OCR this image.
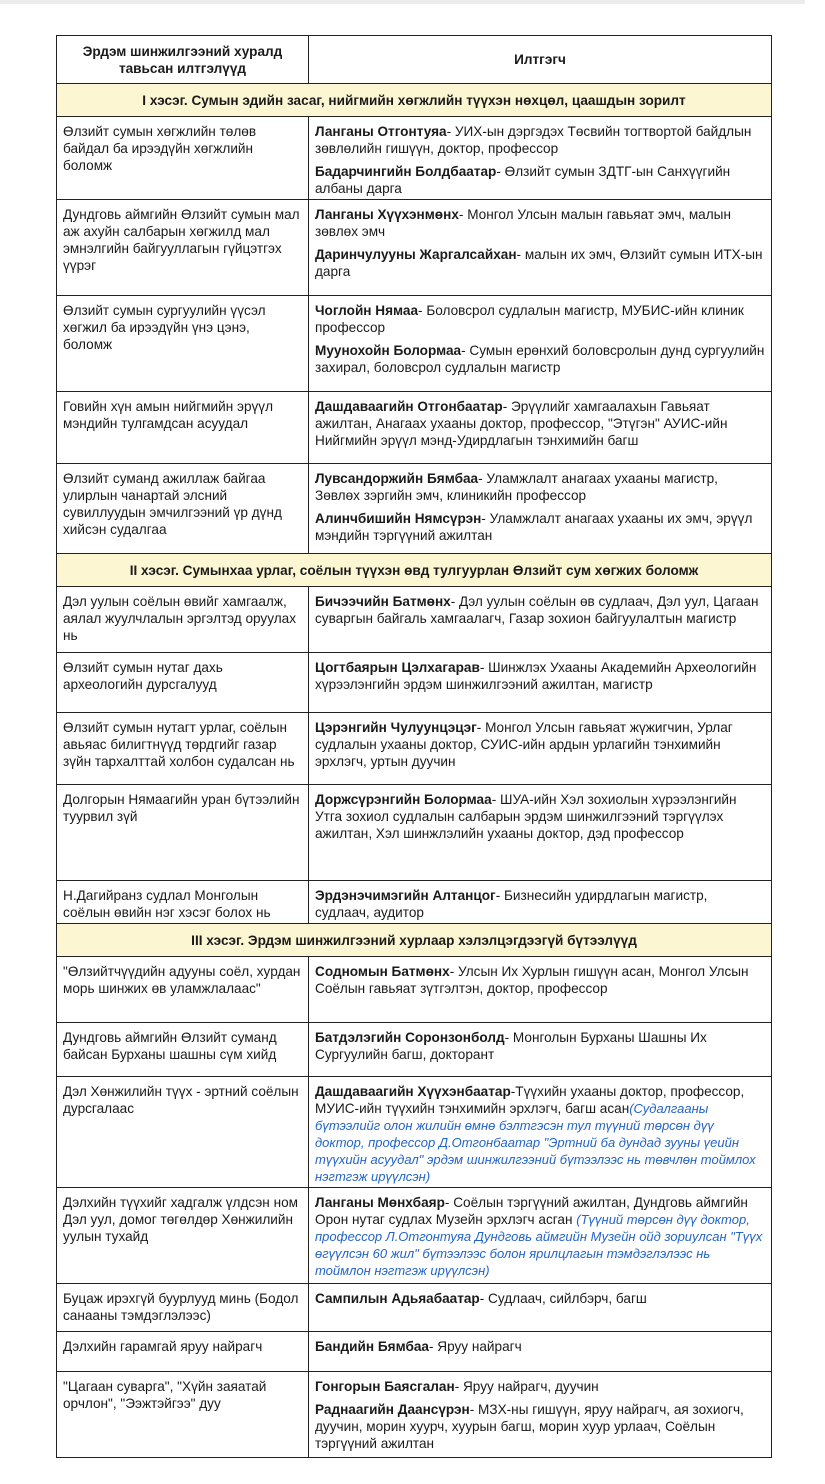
Эрдэм шинжилгээний хуралд тавьсан илтгэлүүд	Илтгэгч

I хэсэг. Сумын эдийн засаг, нийгмийн хөгжлийн түүхэн нөхцөл, цаашдын зорилт	

Өлзийт сумын хөгжлийн төлөв байдал ба ирээдүйн хөгжлийн боломж	Ланганы Отгонтуяа- УИХ-ын дэргэдэх Төсвийн тогтвортой байдлын зөвлөлийн гишүүн, доктор, профессор
Бадарчингийн Болдбаатар- Өлзийт сумын ЗДТГ-ын Санхүүгийн албаны дарга

Дундговь аймгийн Өлзийт сумын мал аж ахуйн салбарын хөгжилд мал эмнэлгийн байгууллагын гүйцэтгэх үүрэг	Ланганы Хүүхэнмөнх- Монгол Улсын малын гавьяат эмч, малын зөвлөх эмч
Даринчулууны Жаргалсайхан- малын их эмч, Өлзийт сумын ИТХ-ын дарга

Өлзийт сумын сургуулийн үүсэл хөгжил ба ирээдүйн үнэ цэнэ, боломж	Чоглойн Нямаа- Боловсрол судлалын магистр, МУБИС-ийн клиник профессор
Муунохойн Болормаа- Сумын ерөнхий боловсролын дунд сургуулийн захирал, боловсрол судлалын магистр

Говийн хүн амын нийгмийн эрүүл мэндийн тулгамдсан асуудал	Дашдаваагийн Отгонбаатар- Эрүүлийг хамгаалахын Гавьяат ажилтан, Анагаах ухааны доктор, профессор, "Этүгэн" АУИС-ийн Нийгмийн эрүүл мэнд-Удирдлагын тэнхимийн багш

Өлзийт суманд ажиллаж байгаа улирлын чанартай элсний сувиллуудын эмчилгээний үр дүнд хийсэн судалгаа	Лувсандоржийн Бямбаа- Уламжлалт анагаах ухааны магистр, Зөвлөх зэргийн эмч, клиникийн профессор
Алинчбишийн Нямсүрэн- Уламжлалт анагаах ухааны их эмч, эрүүл мэндийн тэргүүний ажилтан

II хэсэг. Сумынхаа урлаг, соёлын түүхэн өвд тулгуурлан Өлзийт сум хөгжих боломж	

Дэл уулын соёлын өвийг хамгаалж, аялал жуулчлалын эргэлтэд оруулах нь	Бичээчийн Батмөнх- Дэл уулын соёлын өв судлаач, Дэл уул, Цагаан суваргын байгаль хамгаалагч, Газар зохион байгуулалтын магистр

Өлзийт сумын нутаг дахь археологийн дурсгалууд	Цогтбаярын Цэлхагарав- Шинжлэх Ухааны Академийн Археологийн хүрээлэнгийн эрдэм шинжилгээний ажилтан, магистр

Өлзийт сумын нутагт урлаг, соёлын авьяас билигтнүүд төрдгийг газар зүйн тархалттай холбон судалсан нь	Цэрэнгийн Чулуунцэцэг- Монгол Улсын гавьяат жүжигчин, Урлаг судлалын ухааны доктор, СУИС-ийн ардын урлагийн тэнхимийн эрхлэгч, уртын дуучин

Долгорын Нямаагийн уран бүтээлийн туурвил зүй	Доржсүрэнгийн Болормаа- ШУА-ийн Хэл зохиолын хүрээлэнгийн Утга зохиол судлалын салбарын эрдэм шинжилгээний тэргүүлэх ажилтан, Хэл шинжлэлийн ухааны доктор, дэд профессор

Н.Дагийранз судлал Монголын соёлын өвийн нэг хэсэг болох нь	Эрдэнэчимэгийн Алтанцог- Бизнесийн удирдлагын магистр, судлаач, аудитор

III хэсэг. Эрдэм шинжилгээний хурлаар хэлэлцэгдээгүй бүтээлүүд	

"Өлзийтчүүдийн адууны соёл, хурдан морь шинжих өв уламжлалаас"	Содномын Батмөнх- Улсын Их Хурлын гишүүн асан, Монгол Улсын Соёлын гавьяат зүтгэлтэн, доктор, профессор

Дундговь аймгийн Өлзийт суманд байсан Бурханы шашны сүм хийд	Батдэлэгийн Соронзонболд- Монголын Бурханы Шашны Их Сургуулийн багш, докторант

Дэл Хөнжилийн түүх - эртний соёлын дурсгалаас	Дашдаваагийн Хүүхэнбаатар-Түүхийн ухааны доктор, профессор, МУИС-ийн түүхийн тэнхимийн эрхлэгч, багш асан(Судалгааны бүтээлийг олон жилийн өмнө бэлтгэсэн тул түүний төрсөн дүү доктор, профессор Д.Отгонбаатар "Эртний ба дундад зууны үеийн түүхийн асуудал" эрдэм шинжилгээний бүтээлээс нь төвчлөн тоймлох нэгтгэж ирүүлсэн)

Дэлхийн түүхийг хадгалж үлдсэн ном Дэл уул, домог төгөлдөр Хөнжилийн уулын тухайд	Ланганы Мөнхбаяр- Соёлын тэргүүний ажилтан, Дундговь аймгийн Орон нутаг судлах Музейн эрхлэгч асган (Түүний төрсөн дүү доктор, профессор Л.Отгонтуяа Дундговь аймгийн Музейн ойд зориулсан "Түүх өгүүлсэн 60 жил" бүтээлээс болон ярилцлагын тэмдэглэлээс нь тоймлон нэгтгэж ирүүлсэн)

Буцаж ирэхгүй буурлууд минь (Бодол санааны тэмдэглэлээс)	Сампилын Адьяабаатар- Судлаач, сийлбэрч, багш

Дэлхийн гарамгай яруу найрагч	Бандийн Бямбаа- Яруу найрагч

"Цагаан суварга", "Хүйн заяатай орчлон", "Ээжтэйгээ" дуу	Гонгорын Баясгалан- Яруу найрагч, дуучин
Раднаагийн Даансүрэн- МЗХ-ны гишүүн, яруу найрагч, ая зохиогч, дуучин, морин хуурч, хуурын багш, морин хуур урлаач, Соёлын тэргүүний ажилтан
